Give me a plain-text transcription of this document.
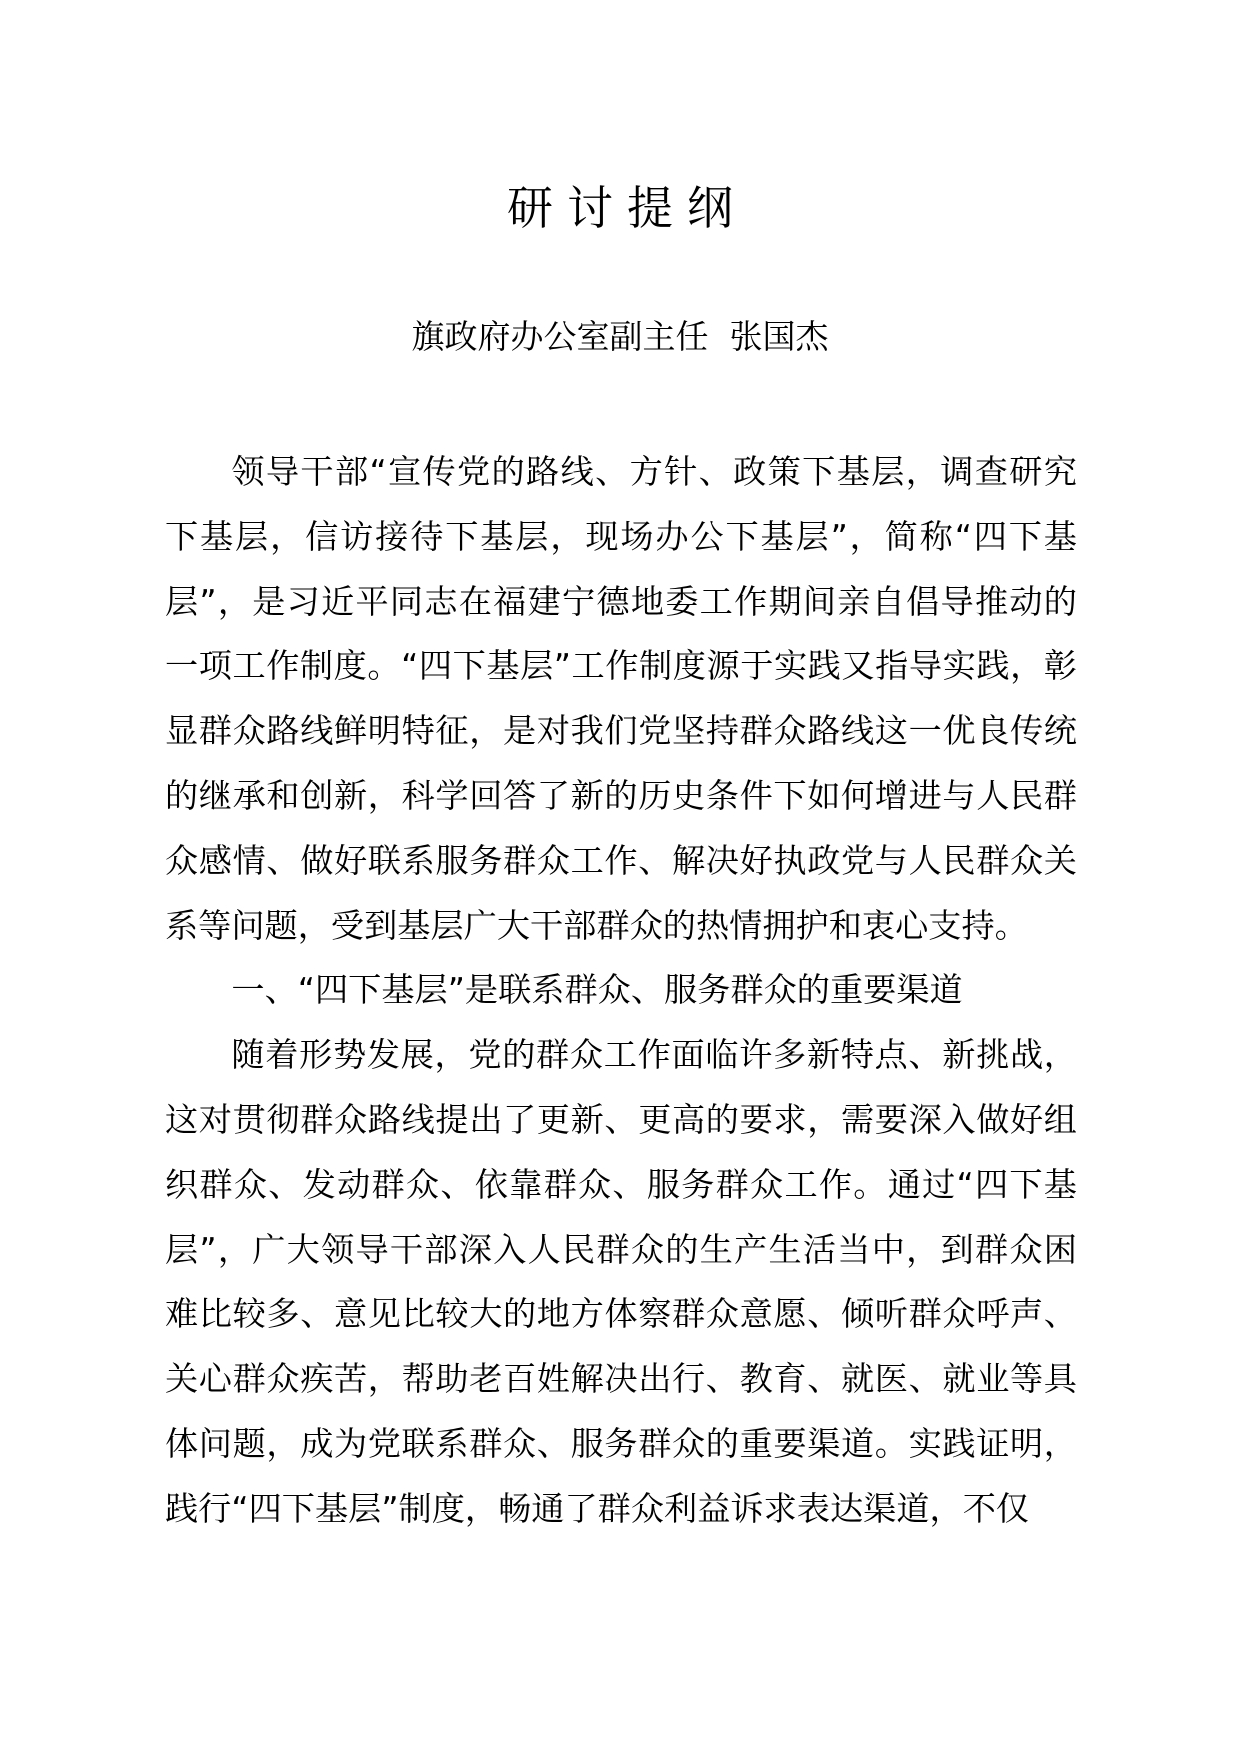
研讨提纲
旗政府办公室副主任  张国杰

领导干部“宣传党的路线、方针、政策下基层，调查研究下基层，信访接待下基层，现场办公下基层”，简称“四下基层”，是习近平同志在福建宁德地委工作期间亲自倡导推动的一项工作制度。“四下基层”工作制度源于实践又指导实践，彰显群众路线鲜明特征，是对我们党坚持群众路线这一优良传统的继承和创新，科学回答了新的历史条件下如何增进与人民群众感情、做好联系服务群众工作、解决好执政党与人民群众关系等问题，受到基层广大干部群众的热情拥护和衷心支持。

一、“四下基层”是联系群众、服务群众的重要渠道

随着形势发展，党的群众工作面临许多新特点、新挑战，这对贯彻群众路线提出了更新、更高的要求，需要深入做好组织群众、发动群众、依靠群众、服务群众工作。通过“四下基层”，广大领导干部深入人民群众的生产生活当中，到群众困难比较多、意见比较大的地方体察群众意愿、倾听群众呼声、关心群众疾苦，帮助老百姓解决出行、教育、就医、就业等具体问题，成为党联系群众、服务群众的重要渠道。实践证明，践行“四下基层”制度，畅通了群众利益诉求表达渠道，不仅
